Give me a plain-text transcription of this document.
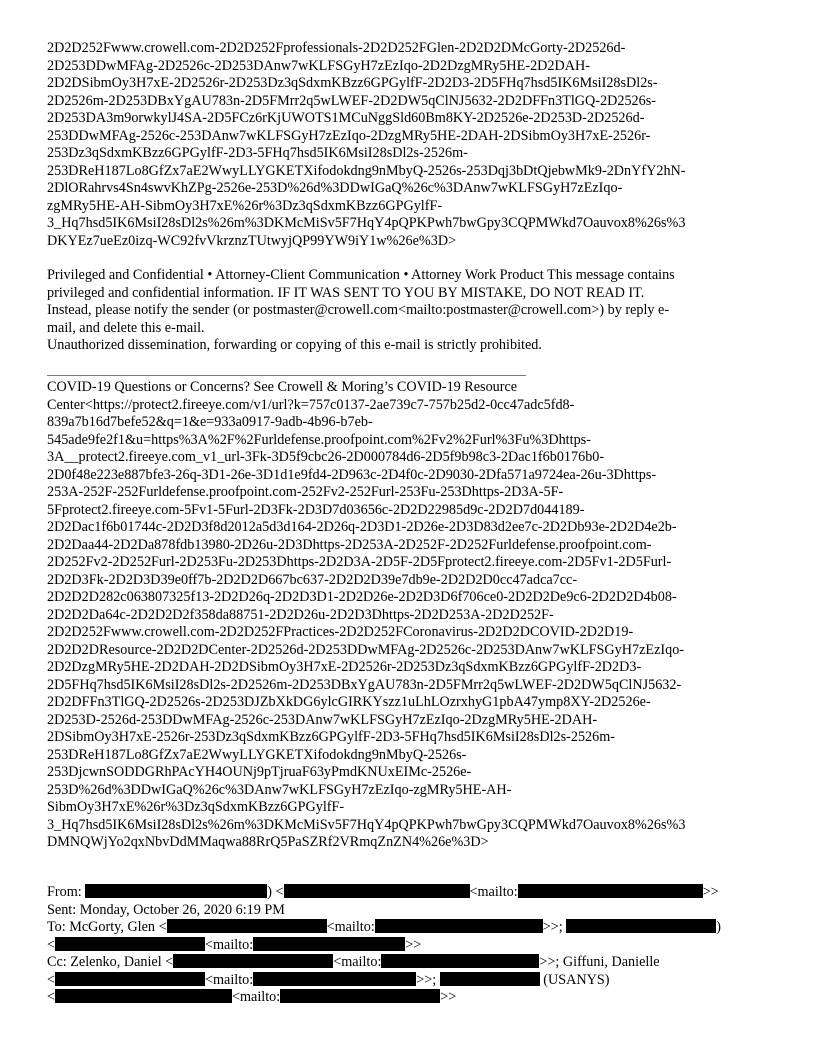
2D2D252Fwww.crowell.com-2D2D252Fprofessionals-2D2D252FGlen-2D2D2DMcGorty-2D2526d-
2D253DDwMFAg-2D2526c-2D253DAnw7wKLFSGyH7zEzIqo-2D2DzgMRy5HE-2D2DAH-
2D2DSibmOy3H7xE-2D2526r-2D253Dz3qSdxmKBzz6GPGylfF-2D2D3-2D5FHq7hsd5IK6MsiI28sDl2s-
2D2526m-2D253DBxYgAU783n-2D5FMrr2q5wLWEF-2D2DW5qClNJ5632-2D2DFFn3TlGQ-2D2526s-
2D253DA3m9orwkylJ4SA-2D5FCz6rKjUWOTS1MCuNggSld60Bm8KY-2D2526e-2D253D-2D2526d-
253DDwMFAg-2526c-253DAnw7wKLFSGyH7zEzIqo-2DzgMRy5HE-2DAH-2DSibmOy3H7xE-2526r-
253Dz3qSdxmKBzz6GPGylfF-2D3-5FHq7hsd5IK6MsiI28sDl2s-2526m-
253DReH187Lo8GfZx7aE2WwyLLYGKETXifodokdng9nMbyQ-2526s-253Dqj3bDtQjebwMk9-2DnYfY2hN-
2DlORahrvs4Sn4swvKhZPg-2526e-253D%26d%3DDwIGaQ%26c%3DAnw7wKLFSGyH7zEzIqo-
zgMRy5HE-AH-SibmOy3H7xE%26r%3Dz3qSdxmKBzz6GPGylfF-
3_Hq7hsd5IK6MsiI28sDl2s%26m%3DKMcMiSv5F7HqY4pQPKPwh7bwGpy3CQPMWkd7Oauvox8%26s%3
DKYEz7ueEz0izq-WC92fvVkrznzTUtwyjQP99YW9iY1w%26e%3D>
Privileged and Confidential • Attorney-Client Communication • Attorney Work Product This message contains
privileged and confidential information. IF IT WAS SENT TO YOU BY MISTAKE, DO NOT READ IT.
Instead, please notify the sender (or postmaster@crowell.com<mailto:postmaster@crowell.com>) by reply e-
mail, and delete this e-mail.
Unauthorized dissemination, forwarding or copying of this e-mail is strictly prohibited.
COVID-19 Questions or Concerns? See Crowell & Moring’s COVID-19 Resource
Center<https://protect2.fireeye.com/v1/url?k=757c0137-2ae739c7-757b25d2-0cc47adc5fd8-
839a7b16d7befe52&q=1&e=933a0917-9adb-4b96-b7eb-
545ade9fe2f1&u=https%3A%2F%2Furldefense.proofpoint.com%2Fv2%2Furl%3Fu%3Dhttps-
3A__protect2.fireeye.com_v1_url-3Fk-3D5f9cbc26-2D000784d6-2D5f9b98c3-2Dac1f6b0176b0-
2D0f48e223e887bfe3-26q-3D1-26e-3D1d1e9fd4-2D963c-2D4f0c-2D9030-2Dfa571a9724ea-26u-3Dhttps-
253A-252F-252Furldefense.proofpoint.com-252Fv2-252Furl-253Fu-253Dhttps-2D3A-5F-
5Fprotect2.fireeye.com-5Fv1-5Furl-2D3Fk-2D3D7d03656c-2D2D22985d9c-2D2D7d044189-
2D2Dac1f6b01744c-2D2D3f8d2012a5d3d164-2D26q-2D3D1-2D26e-2D3D83d2ee7c-2D2Db93e-2D2D4e2b-
2D2Daa44-2D2Da878fdb13980-2D26u-2D3Dhttps-2D253A-2D252F-2D252Furldefense.proofpoint.com-
2D252Fv2-2D252Furl-2D253Fu-2D253Dhttps-2D2D3A-2D5F-2D5Fprotect2.fireeye.com-2D5Fv1-2D5Furl-
2D2D3Fk-2D2D3D39e0ff7b-2D2D2D667bc637-2D2D2D39e7db9e-2D2D2D0cc47adca7cc-
2D2D2D282c063807325f13-2D2D26q-2D2D3D1-2D2D26e-2D2D3D6f706ce0-2D2D2De9c6-2D2D2D4b08-
2D2D2Da64c-2D2D2D2f358da88751-2D2D26u-2D2D3Dhttps-2D2D253A-2D2D252F-
2D2D252Fwww.crowell.com-2D2D252FPractices-2D2D252FCoronavirus-2D2D2DCOVID-2D2D19-
2D2D2DResource-2D2D2DCenter-2D2526d-2D253DDwMFAg-2D2526c-2D253DAnw7wKLFSGyH7zEzIqo-
2D2DzgMRy5HE-2D2DAH-2D2DSibmOy3H7xE-2D2526r-2D253Dz3qSdxmKBzz6GPGylfF-2D2D3-
2D5FHq7hsd5IK6MsiI28sDl2s-2D2526m-2D253DBxYgAU783n-2D5FMrr2q5wLWEF-2D2DW5qClNJ5632-
2D2DFFn3TlGQ-2D2526s-2D253DJZbXkDG6ylcGIRKYszz1uLhLOzrxhyG1pbA47ymp8XY-2D2526e-
2D253D-2526d-253DDwMFAg-2526c-253DAnw7wKLFSGyH7zEzIqo-2DzgMRy5HE-2DAH-
2DSibmOy3H7xE-2526r-253Dz3qSdxmKBzz6GPGylfF-2D3-5FHq7hsd5IK6MsiI28sDl2s-2526m-
253DReH187Lo8GfZx7aE2WwyLLYGKETXifodokdng9nMbyQ-2526s-
253DjcwnSODDGRhPAcYH4OUNj9pTjruaF63yPmdKNUxEIMc-2526e-
253D%26d%3DDwIGaQ%26c%3DAnw7wKLFSGyH7zEzIqo-zgMRy5HE-AH-
SibmOy3H7xE%26r%3Dz3qSdxmKBzz6GPGylfF-
3_Hq7hsd5IK6MsiI28sDl2s%26m%3DKMcMiSv5F7HqY4pQPKPwh7bwGpy3CQPMWkd7Oauvox8%26s%3
DMNQWjYo2qxNbvDdMMaqwa88RrQ5PaSZRf2VRmqZnZN4%26e%3D>
From:	) <	<mailto:	>>
Sent: Monday, October 26, 2020 6:19 PM
To: McGorty, Glen <	<mailto:	>>;	)
<	<mailto:	>>
Cc: Zelenko, Daniel <	<mailto:	>>; Giffuni, Danielle
<	<mailto:	>>;	(USANYS)
<	<mailto:	>>
